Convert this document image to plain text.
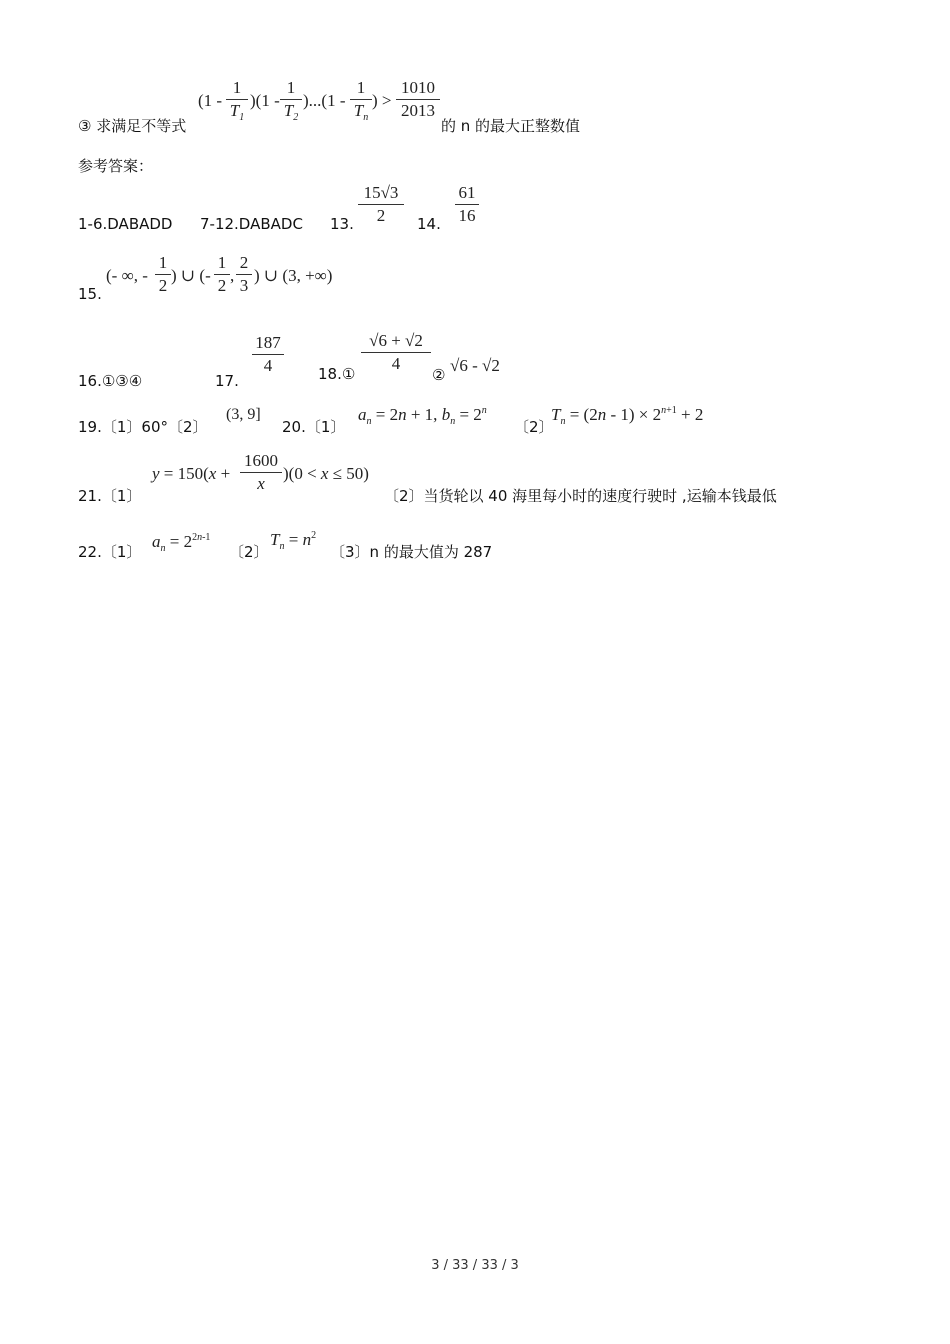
③ 求满足不等式
(1 -
1
$T_1$
)(1 -
1
$T_2$
)...(1 -
1
$T_n$
) >
1010
2013
的 n 的最大正整数值
参考答案：
1-6.DABADD 7-12.DABADC 13.
15√3
2	14.
61
16
15.
(- ∞, -
1
2
) ∪ (-
1
2
,
2
3
) ∪ (3, +∞)
16.①③④	17.
187
4	18.①
√6 + √2
4
② √6 - √2
19.〔1〕60°〔2〕
(3, 9]
20.〔1〕
$a_n = 2n + 1$, $b_n = 2^n$
〔2〕
$T_n = (2n - 1) \times 2^{n+1} + 2$
21.〔1〕
y = 150(x +
1600
x
)(0 < x ≤ 50)
〔2〕当货轮以 40 海里每小时的速度行驶时 ,运输本钱最低
22.〔1〕
$a_n = 2^{2n-1}$
〔2〕
$T_n = n^2$
〔3〕n 的最大值为 287
3 / 33 / 33 / 3
